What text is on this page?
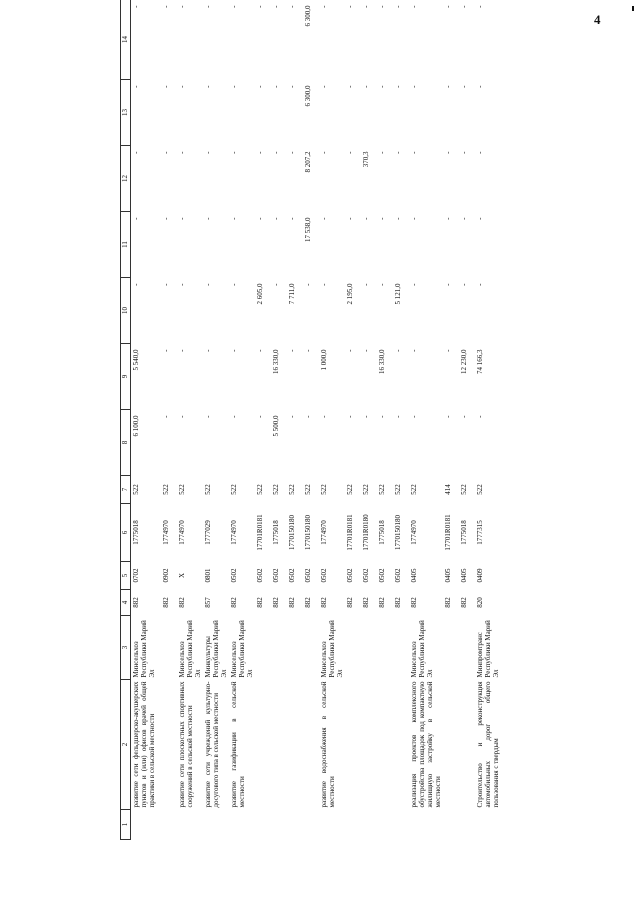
4
1	2	3	4	5	6	7	8	9	10	11	12	13	14
	развитие сети фельдшерско-акушерских пунктов и (или) офисов врачей общей практики в сельской местности	Минсельхоз Республики Марий Эл	882	0702	1775018	522	6 100,0	5 540,0	-	-	-	-	-
			882	0902	1774970	522	-	-	-	-	-	-	-
	развитие сети плоскостных спортивных сооружений в сельской местности	Минсельхоз Республики Марий Эл	882	X	1774970	522	-	-	-	-	-	-	-
	развитие сети учреждений культурно-досугового типа в сельской местности	Минкультуры Республики Марий Эл	857	0801	1777029	522	-	-	-	-	-	-	-
	развитие газификации в сельской местности	Минсельхоз Республики Марий Эл	882	0502	1774970	522	-	-	-	-	-	-	-
			882	0502	17701R0181	522	-	-	2 605,0	-	-	-	-
			882	0502	1775018	522	5 500,0	16 330,0	-	-	-	-	-
			882	0502	1770150180	522	-	-	7 711,0	-	-	-	-
			882	0502	1770150180	522	-	-	-	17 538,0	8 207,2	6 300,0	6 300,0
	развитие водоснабжения в сельской местности	Минсельхоз Республики Марий Эл	882	0502	1774970	522	-	1 000,0	-	-	-	-	-
			882	0502	17701R0181	522	-	-	2 195,0	-	-	-	-
			882	0502	17701R0180	522	-	-	-	-	370,3	-	-
			882	0502	1775018	522	-	16 330,0	-	-	-	-	-
			882	0502	1770150180	522	-	-	5 121,0	-	-	-	-
	реализация проектов комплексного обустройства площадок под компактную жилищную застройку в сельской местности	Минсельхоз Республики Марий Эл	882	0405	1774970	522	-	-	-	-	-	-	-
			882	0405	17701R0181	414	-	-	-	-	-	-	-
			882	0405	1775018	522	-	12 230,0	-	-	-	-	-
	Строительство и реконструкция автомобильных дорог общего пользования с твердым	Минпромтранс Республики Марий Эл	820	0409	1777315	522	-	74 166,3	-	-	-	-	-
